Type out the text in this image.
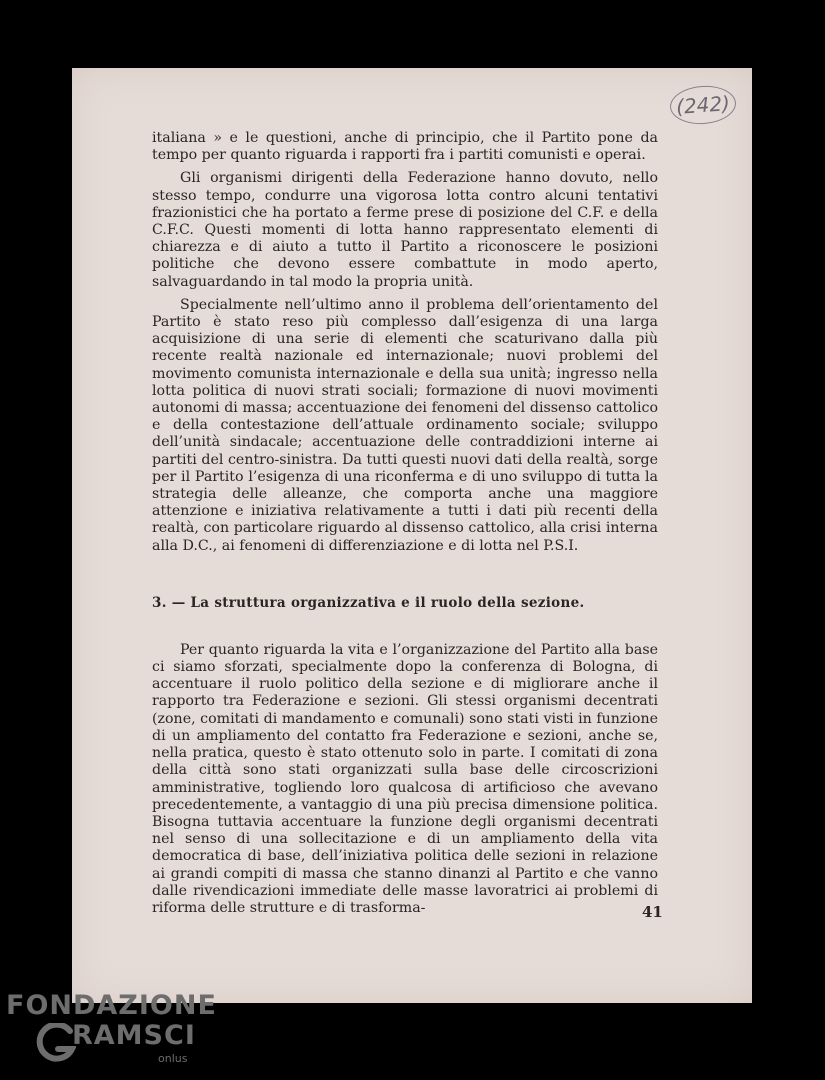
(242)

italiana » e le questioni, anche di principio, che il Partito pone da tempo per quanto riguarda i rapporti fra i partiti comunisti e operai.

Gli organismi dirigenti della Federazione hanno dovuto, nello stesso tempo, condurre una vigorosa lotta contro alcuni tentativi frazionistici che ha portato a ferme prese di posizione del C.F. e della C.F.C. Questi momenti di lotta hanno rappresentato elementi di chiarezza e di aiuto a tutto il Partito a riconoscere le posizioni politiche che devono essere combattute in modo aperto, salvaguardando in tal modo la propria unità.

Specialmente nell’ultimo anno il problema dell’orientamento del Partito è stato reso più complesso dall’esigenza di una larga acquisizione di una serie di elementi che scaturivano dalla più recente realtà nazionale ed internazionale; nuovi problemi del movimento comunista internazionale e della sua unità; ingresso nella lotta politica di nuovi strati sociali; formazione di nuovi movimenti autonomi di massa; accentuazione dei fenomeni del dissenso cattolico e della contestazione dell’attuale ordinamento sociale; sviluppo dell’unità sindacale; accentuazione delle contraddizioni interne ai partiti del centro-sinistra. Da tutti questi nuovi dati della realtà, sorge per il Partito l’esigenza di una riconferma e di uno sviluppo di tutta la strategia delle alleanze, che comporta anche una maggiore attenzione e iniziativa relativamente a tutti i dati più recenti della realtà, con particolare riguardo al dissenso cattolico, alla crisi interna alla D.C., ai fenomeni di differenziazione e di lotta nel P.S.I.

3. — La struttura organizzativa e il ruolo della sezione.

Per quanto riguarda la vita e l’organizzazione del Partito alla base ci siamo sforzati, specialmente dopo la conferenza di Bologna, di accentuare il ruolo politico della sezione e di migliorare anche il rapporto tra Federazione e sezioni. Gli stessi organismi decentrati (zone, comitati di mandamento e comunali) sono stati visti in funzione di un ampliamento del contatto fra Federazione e sezioni, anche se, nella pratica, questo è stato ottenuto solo in parte. I comitati di zona della città sono stati organizzati sulla base delle circoscrizioni amministrative, togliendo loro qualcosa di artificioso che avevano precedentemente, a vantaggio di una più precisa dimensione politica. Bisogna tuttavia accentuare la funzione degli organismi decentrati nel senso di una sollecitazione e di un ampliamento della vita democratica di base, dell’iniziativa politica delle sezioni in relazione ai grandi compiti di massa che stanno dinanzi al Partito e che vanno dalle rivendicazioni immediate delle masse lavoratrici ai problemi di riforma delle strutture e di trasforma-	41
FONDAZIONE
RAMSCI
onlus
